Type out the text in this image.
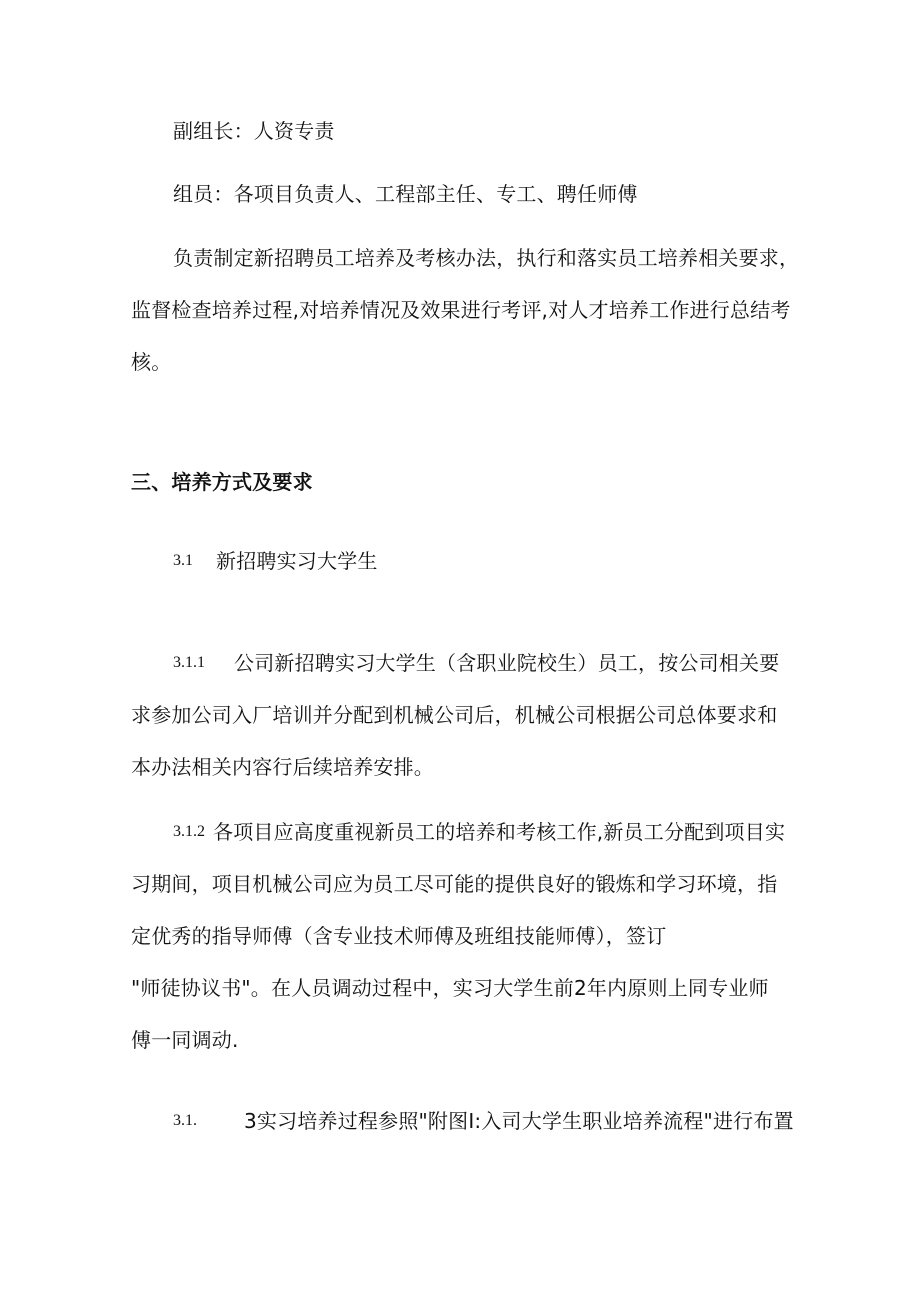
副组长：人资专责
组员：各项目负责人、工程部主任、专工、聘任师傅
负责制定新招聘员工培养及考核办法，执行和落实员工培养相关要求，
监督检查培养过程,对培养情况及效果进行考评,对人才培养工作进行总结考
核。
三、培养方式及要求
3.1 新招聘实习大学生
3.1.1 公司新招聘实习大学生（含职业院校生）员工，按公司相关要
求参加公司入厂培训并分配到机械公司后，机械公司根据公司总体要求和
本办法相关内容行后续培养安排。
3.1.2 各项目应高度重视新员工的培养和考核工作,新员工分配到项目实
习期间，项目机械公司应为员工尽可能的提供良好的锻炼和学习环境，指
定优秀的指导师傅（含专业技术师傅及班组技能师傅），签订
"师徒协议书"。在人员调动过程中，实习大学生前2年内原则上同专业师
傅一同调动.
3.1. 3实习培养过程参照"附图I:入司大学生职业培养流程"进行布置
